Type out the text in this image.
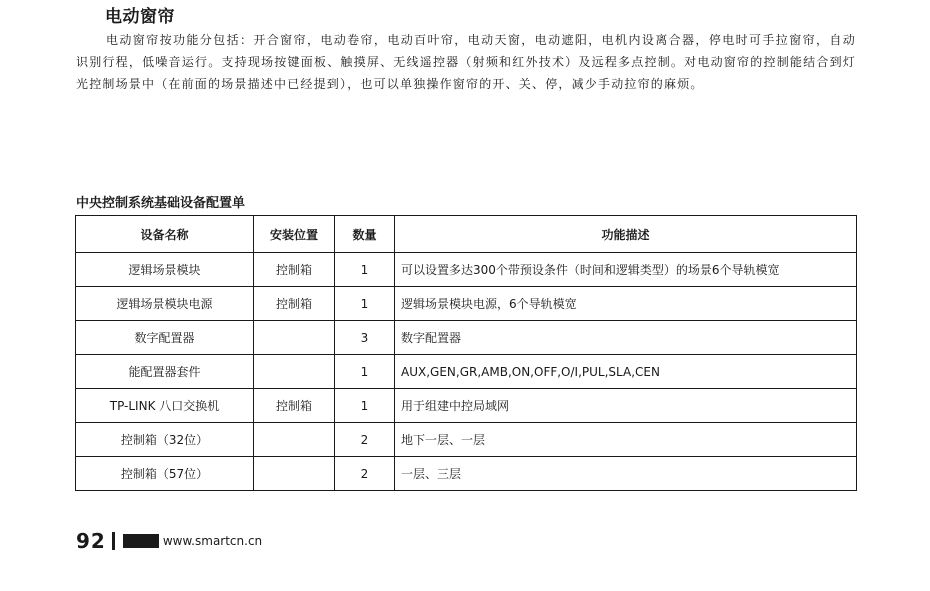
电动窗帘

电动窗帘按功能分包括：开合窗帘，电动卷帘，电动百叶帘，电动天窗，电动遮阳，电机内设离合器，停电时可手拉窗帘，自动识别行程，低噪音运行。支持现场按键面板、触摸屏、无线遥控器（射频和红外技术）及远程多点控制。对电动窗帘的控制能结合到灯光控制场景中（在前面的场景描述中已经提到），也可以单独操作窗帘的开、关、停，减少手动拉帘的麻烦。

中央控制系统基础设备配置单
设备名称	安装位置	数量	功能描述
逻辑场景模块	控制箱	1	可以设置多达300个带预设条件（时间和逻辑类型）的场景6个导轨模宽
逻辑场景模块电源	控制箱	1	逻辑场景模块电源，6个导轨模宽
数字配置器		3	数字配置器
能配置器套件		1	AUX,GEN,GR,AMB,ON,OFF,O/I,PUL,SLA,CEN
TP-LINK 八口交换机	控制箱	1	用于组建中控局域网
控制箱（32位）		2	地下一层、一层
控制箱（57位）		2	一层、三层
92	www.smartcn.cn
